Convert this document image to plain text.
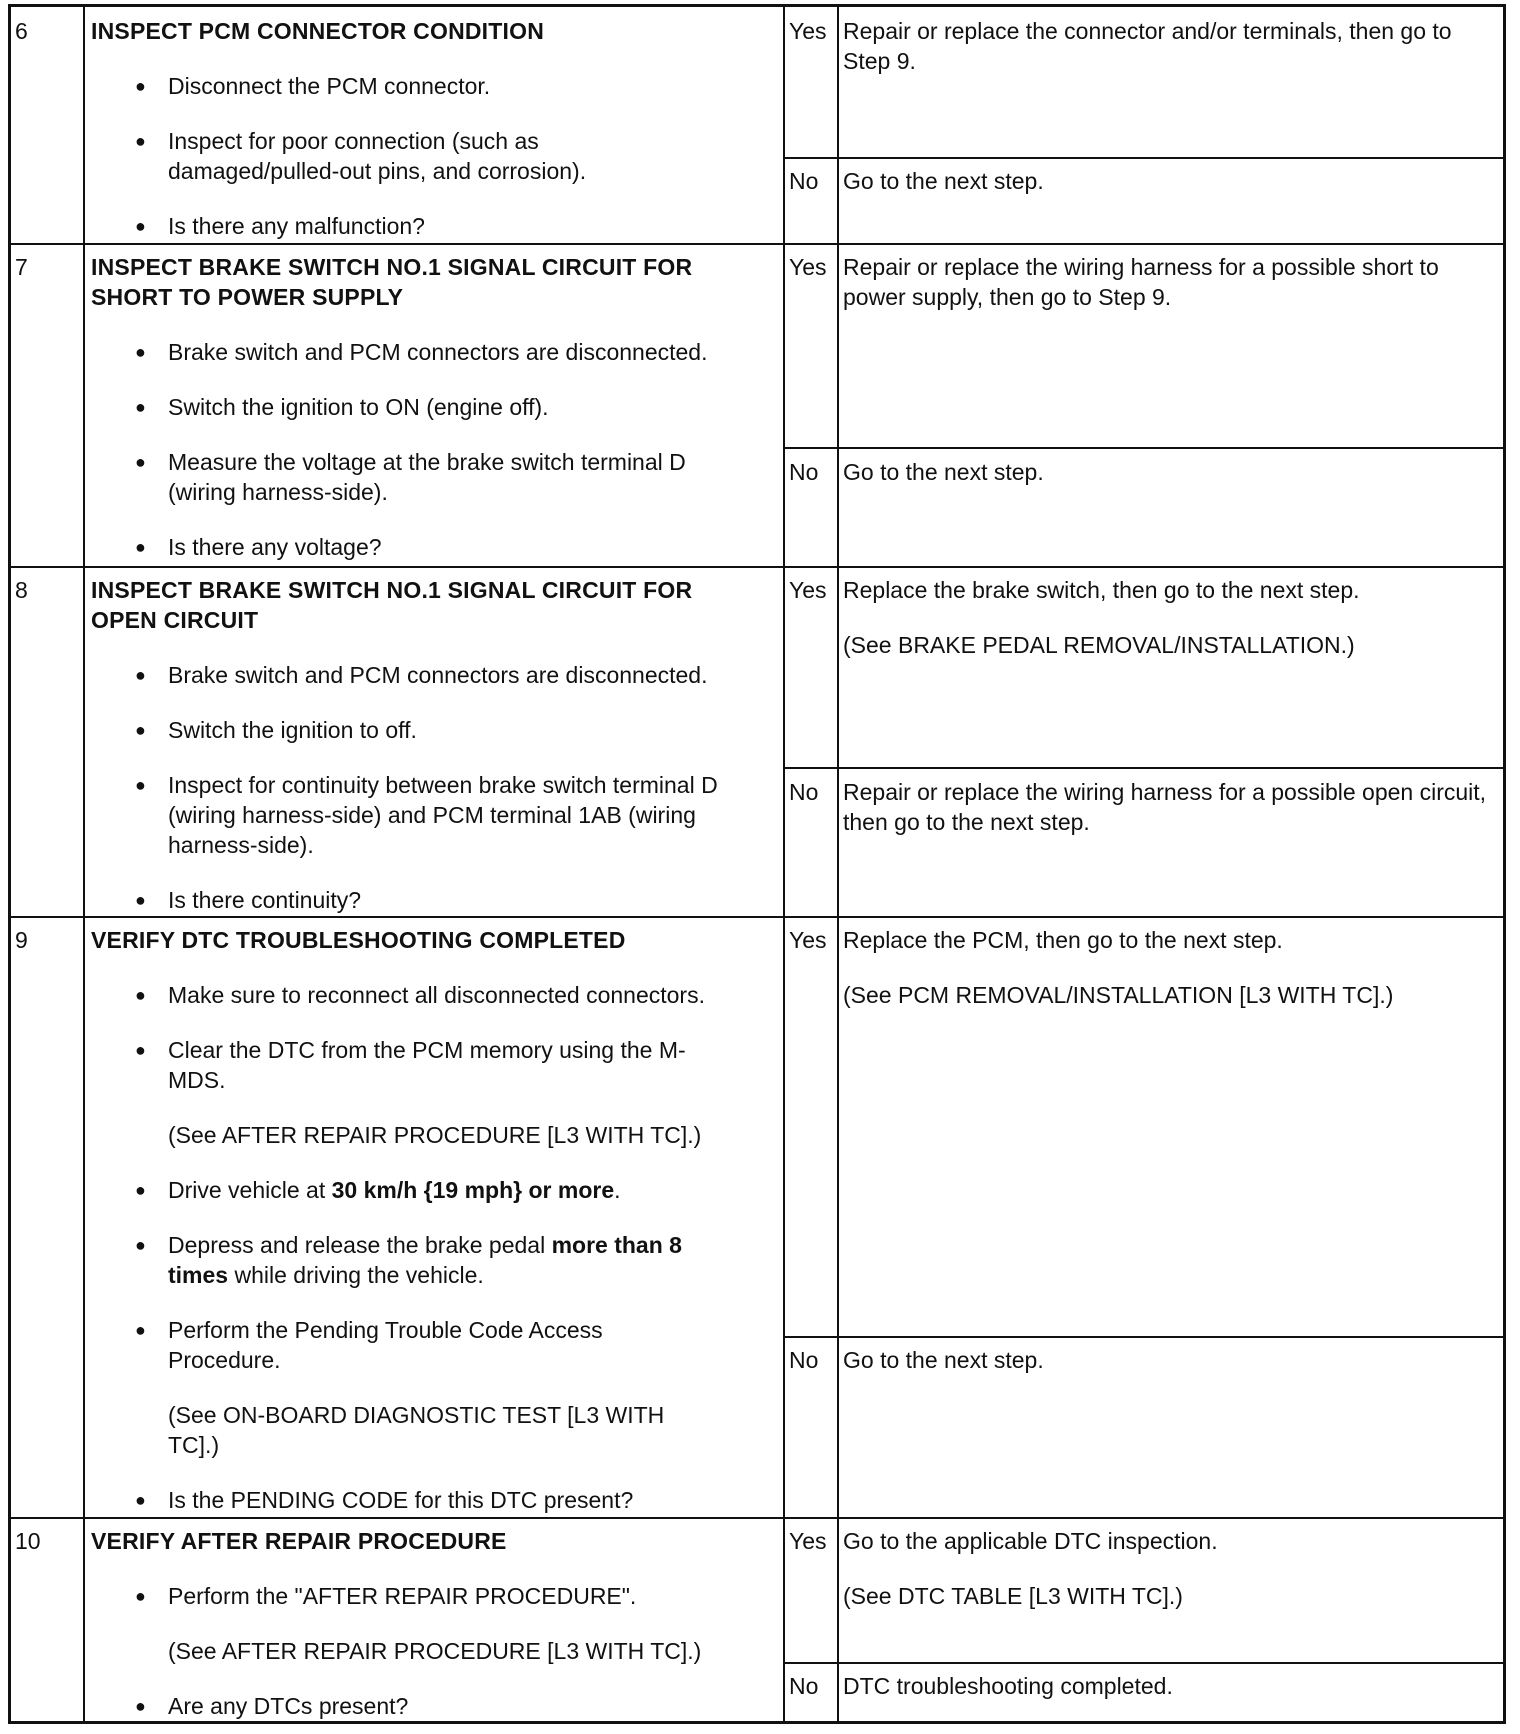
6	INSPECT PCM CONNECTOR CONDITION

● Disconnect the PCM connector.
● Inspect for poor connection (such as damaged/pulled-out pins, and corrosion).
● Is there any malfunction?
Yes Repair or replace the connector and/or terminals, then go to Step 9.
No Go to the next step.
7	INSPECT BRAKE SWITCH NO.1 SIGNAL CIRCUIT FOR SHORT TO POWER SUPPLY

● Brake switch and PCM connectors are disconnected.
● Switch the ignition to ON (engine off).
● Measure the voltage at the brake switch terminal D (wiring harness-side).
● Is there any voltage?
Yes Repair or replace the wiring harness for a possible short to power supply, then go to Step 9.
No Go to the next step.
8	INSPECT BRAKE SWITCH NO.1 SIGNAL CIRCUIT FOR OPEN CIRCUIT

● Brake switch and PCM connectors are disconnected.
● Switch the ignition to off.
● Inspect for continuity between brake switch terminal D (wiring harness-side) and PCM terminal 1AB (wiring harness-side).
● Is there continuity?
Yes Replace the brake switch, then go to the next step.
(See BRAKE PEDAL REMOVAL/INSTALLATION.)
No Repair or replace the wiring harness for a possible open circuit, then go to the next step.
9	VERIFY DTC TROUBLESHOOTING COMPLETED

● Make sure to reconnect all disconnected connectors.
● Clear the DTC from the PCM memory using the M-MDS.
(See AFTER REPAIR PROCEDURE [L3 WITH TC].)
● Drive vehicle at 30 km/h {19 mph} or more.
● Depress and release the brake pedal more than 8 times while driving the vehicle.
● Perform the Pending Trouble Code Access Procedure.
(See ON-BOARD DIAGNOSTIC TEST [L3 WITH TC].)
● Is the PENDING CODE for this DTC present?
Yes Replace the PCM, then go to the next step.
(See PCM REMOVAL/INSTALLATION [L3 WITH TC].)
No Go to the next step.
10 VERIFY AFTER REPAIR PROCEDURE

● Perform the "AFTER REPAIR PROCEDURE".
(See AFTER REPAIR PROCEDURE [L3 WITH TC].)
● Are any DTCs present?
Yes Go to the applicable DTC inspection.
(See DTC TABLE [L3 WITH TC].)
No DTC troubleshooting completed.
